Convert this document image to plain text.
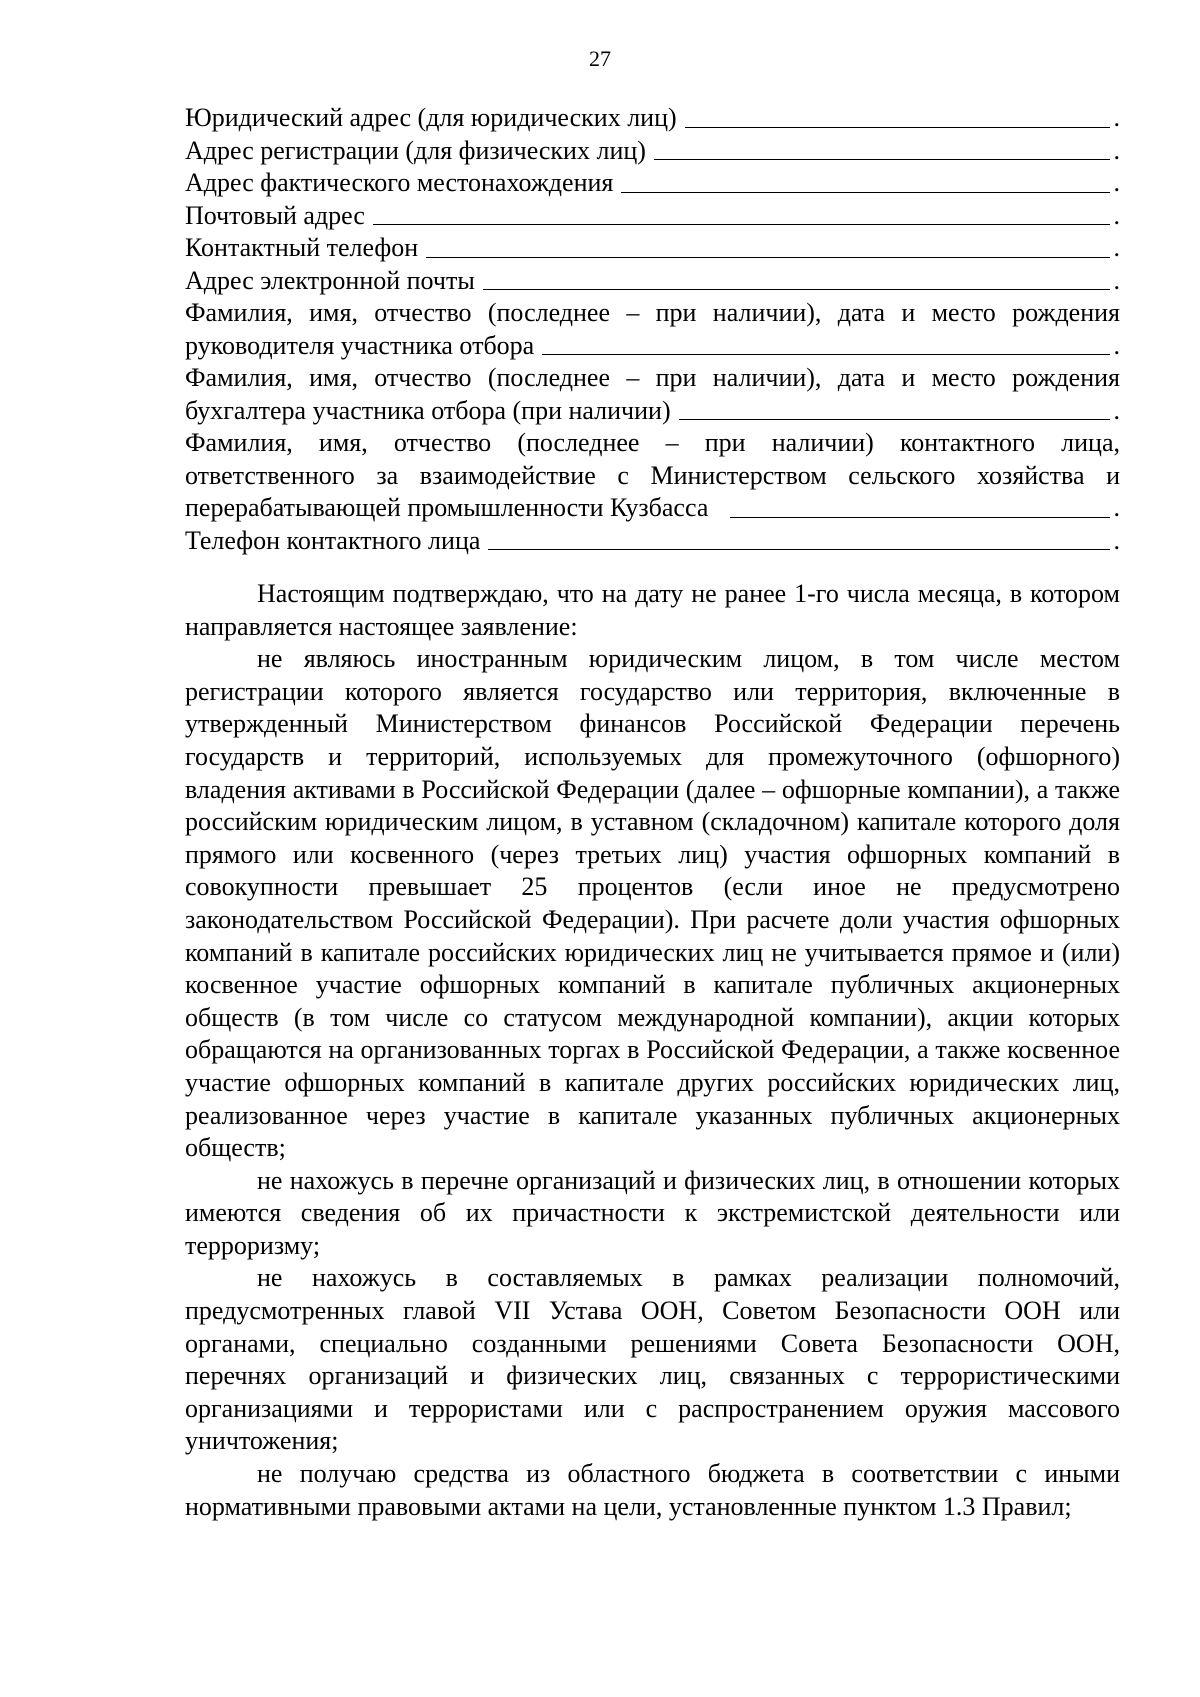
27
Юридический адрес (для юридических лиц)	.
Адрес регистрации (для физических лиц)	.
Адрес фактического местонахождения	.
Почтовый адрес	.
Контактный телефон	.
Адрес электронной почты	.
Фамилия, имя, отчество (последнее – при наличии), дата и место рождения
руководителя участника отбора	.
Фамилия, имя, отчество (последнее – при наличии), дата и место рождения
бухгалтера участника отбора (при наличии)	.
Фамилия, имя, отчество (последнее – при наличии) контактного лица,
ответственного за взаимодействие с Министерством сельского хозяйства и
перерабатывающей промышленности Кузбасса	.
Телефон контактного лица	.

Настоящим подтверждаю, что на дату не ранее 1-го числа месяца, в котором направляется настоящее заявление:

не являюсь иностранным юридическим лицом, в том числе местом регистрации которого является государство или территория, включенные в утвержденный Министерством финансов Российской Федерации перечень государств и территорий, используемых для промежуточного (офшорного) владения активами в Российской Федерации (далее – офшорные компании), а также российским юридическим лицом, в уставном (складочном) капитале которого доля прямого или косвенного (через третьих лиц) участия офшорных компаний в совокупности превышает 25 процентов (если иное не предусмотрено законодательством Российской Федерации). При расчете доли участия офшорных компаний в капитале российских юридических лиц не учитывается прямое и (или) косвенное участие офшорных компаний в капитале публичных акционерных обществ (в том числе со статусом международной компании), акции которых обращаются на организованных торгах в Российской Федерации, а также косвенное участие офшорных компаний в капитале других российских юридических лиц, реализованное через участие в капитале указанных публичных акционерных обществ;

не нахожусь в перечне организаций и физических лиц, в отношении которых имеются сведения об их причастности к экстремистской деятельности или терроризму;

не нахожусь в составляемых в рамках реализации полномочий, предусмотренных главой VII Устава ООН, Советом Безопасности ООН или органами, специально созданными решениями Совета Безопасности ООН, перечнях организаций и физических лиц, связанных с террористическими организациями и террористами или с распространением оружия массового уничтожения;

не получаю средства из областного бюджета в соответствии с иными нормативными правовыми актами на цели, установленные пунктом 1.3 Правил;
